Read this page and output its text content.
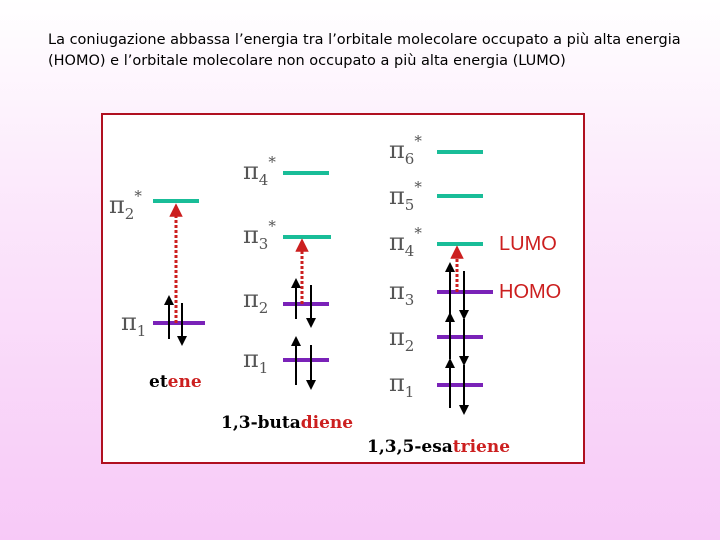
La coniugazione abbassa l’energia tra l’orbitale molecolare occupato a più alta energia (HOMO) e l’orbitale molecolare non occupato a più alta energia (LUMO)

$\pi_2^*$
$\pi_1$
etene
$\pi_4^*$
$\pi_3^*$
$\pi_2$
$\pi_1$
1,3-butadiene
$\pi_6^*$
$\pi_5^*$
$\pi_4^*$
$\pi_3$
$\pi_2$
$\pi_1$
1,3,5-esatriene
LUMO
HOMO
